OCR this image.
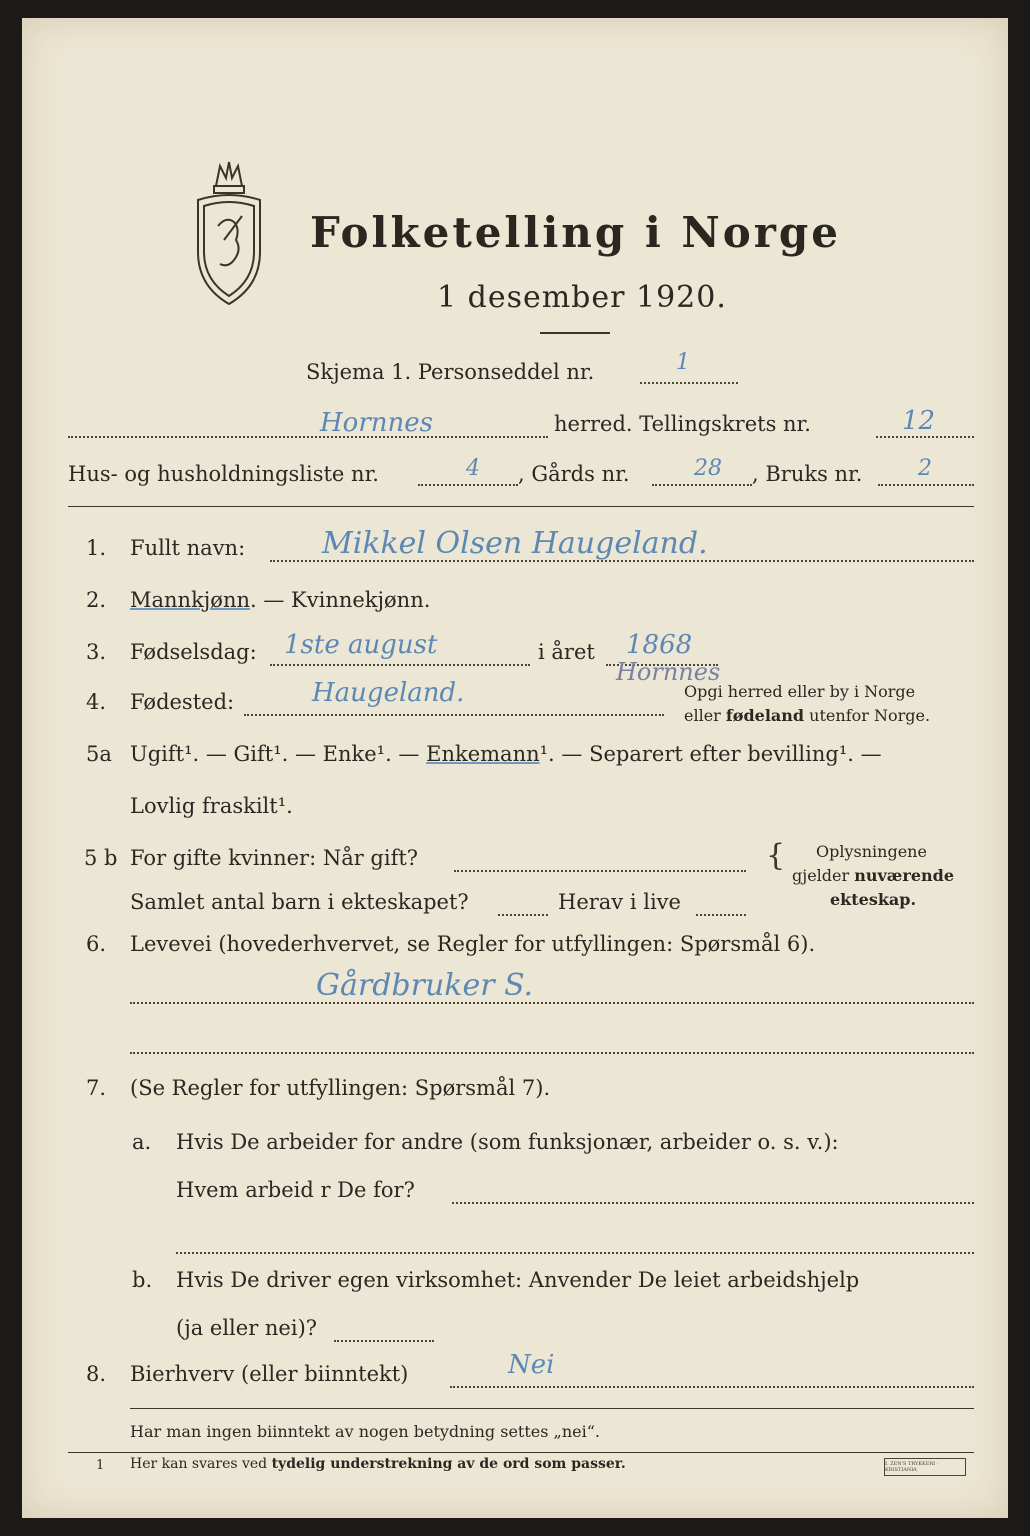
Folketelling i Norge
1 desember 1920.
Skjema 1. Personseddel nr.	1
Hornnes	herred. Tellingskrets nr.	12
Hus- og husholdningsliste nr.	4 , Gårds nr.	28 , Bruks nr.	2
1. Fullt navn:	Mikkel Olsen Haugeland.
2. Mannkjønn. — Kvinnekjønn.
3. Fødselsdag: 1ste august	i året 1868
4. Fødested:	Haugeland.
Hornnes
Opgi herred eller by i Norge
eller fødeland utenfor Norge.
5a Ugift¹. — Gift¹. — Enke¹. — Enkemann¹. — Separert efter bevilling¹. —
Lovlig fraskilt¹.
5 b For gifte kvinner: Når gift?
Samlet antal barn i ekteskapet?	Herav i live
{ Oplysningene
gjelder nuværende
ekteskap.
6. Levevei (hovederhvervet, se Regler for utfyllingen: Spørsmål 6).
Gårdbruker S.
7. (Se Regler for utfyllingen: Spørsmål 7).
a. Hvis De arbeider for andre (som funksjonær, arbeider o. s. v.):
Hvem arbeid r De for?
b. Hvis De driver egen virksomhet: Anvender De leiet arbeidshjelp
(ja eller nei)?
8. Bierhverv (eller biinntekt)	Nei
Har man ingen biinntekt av nogen betydning settes „nei“.
1 Her kan svares ved tydelig understrekning av de ord som passer.	I. ZEN'S TRYKKERI · KRISTIANIA
